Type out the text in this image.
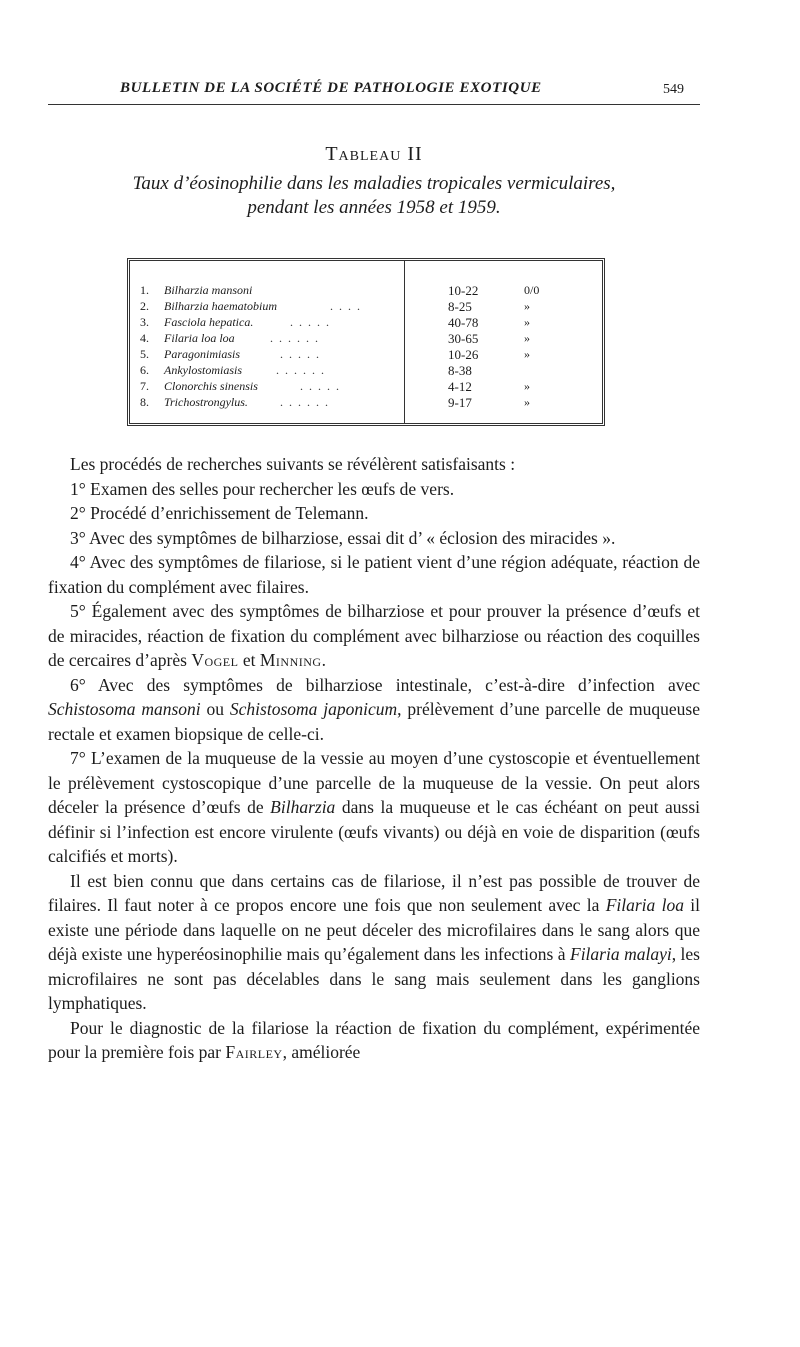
BULLETIN DE LA SOCIÉTÉ DE PATHOLOGIE EXOTIQUE	549
Tableau II
Taux d’éosinophilie dans les maladies tropicales vermiculaires,
pendant les années 1958 et 1959.
1. Bilharzia mansoni	10-22	0/0
2. Bilharzia haematobium	.  .  .  .	8-25	»
3. Fasciola hepatica.	.  .  .  .  .	40-78	»
4. Filaria loa loa	.  .  .  .  .  .	30-65	»
5. Paragonimiasis	.  .  .  .  .	10-26	»
6. Ankylostomiasis	.  .  .  .  .  .	8-38
7. Clonorchis sinensis	.  .  .  .  .	4-12	»
8. Trichostrongylus.	.  .  .  .  .  .	9-17	»

Les procédés de recherches suivants se révélèrent satisfaisants :

1° Examen des selles pour rechercher les œufs de vers.

2° Procédé d’enrichissement de Telemann.

3° Avec des symptômes de bilharziose, essai dit d’ « éclosion des miracides ».

4° Avec des symptômes de filariose, si le patient vient d’une région adéquate, réaction de fixation du complément avec filaires.

5° Également avec des symptômes de bilharziose et pour prouver la présence d’œufs et de miracides, réaction de fixation du complément avec bilharziose ou réaction des coquilles de cercaires d’après Vogel et Minning.

6° Avec des symptômes de bilharziose intestinale, c’est-à-dire d’infection avec Schistosoma mansoni ou Schistosoma japonicum, prélèvement d’une parcelle de muqueuse rectale et examen biopsique de celle-ci.

7° L’examen de la muqueuse de la vessie au moyen d’une cystoscopie et éventuellement le prélèvement cystoscopique d’une parcelle de la muqueuse de la vessie. On peut alors déceler la présence d’œufs de Bilharzia dans la muqueuse et le cas échéant on peut aussi définir si l’infection est encore virulente (œufs vivants) ou déjà en voie de disparition (œufs calcifiés et morts).

Il est bien connu que dans certains cas de filariose, il n’est pas possible de trouver de filaires. Il faut noter à ce propos encore une fois que non seulement avec la Filaria loa il existe une période dans laquelle on ne peut déceler des microfilaires dans le sang alors que déjà existe une hyperéosinophilie mais qu’également dans les infections à Filaria malayi, les microfilaires ne sont pas décelables dans le sang mais seulement dans les ganglions lymphatiques.

Pour le diagnostic de la filariose la réaction de fixation du complément, expérimentée pour la première fois par Fairley, améliorée
